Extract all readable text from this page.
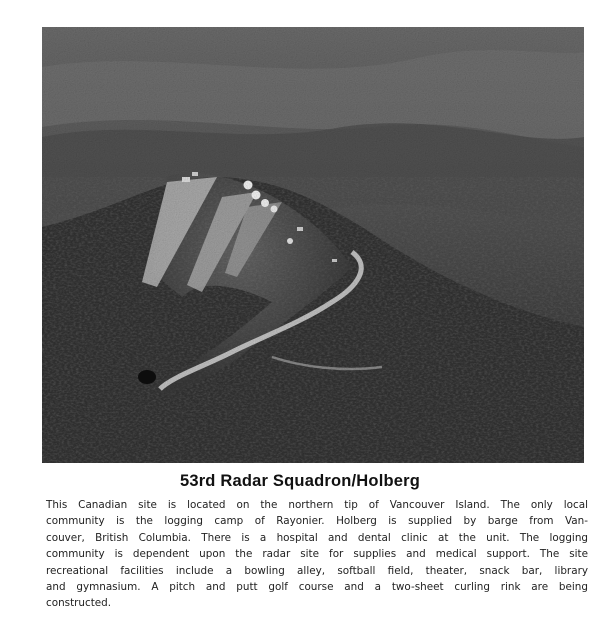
53rd Radar Squadron/Holberg
This Canadian site is located on the northern tip of Vancouver Island. The only local
community is the logging camp of Rayonier. Holberg is supplied by barge from Van-
couver, British Columbia. There is a hospital and dental clinic at the unit. The logging
community is dependent upon the radar site for supplies and medical support. The site
recreational facilities include a bowling alley, softball field, theater, snack bar, library
and gymnasium. A pitch and putt golf course and a two-sheet curling rink are being
constructed.
